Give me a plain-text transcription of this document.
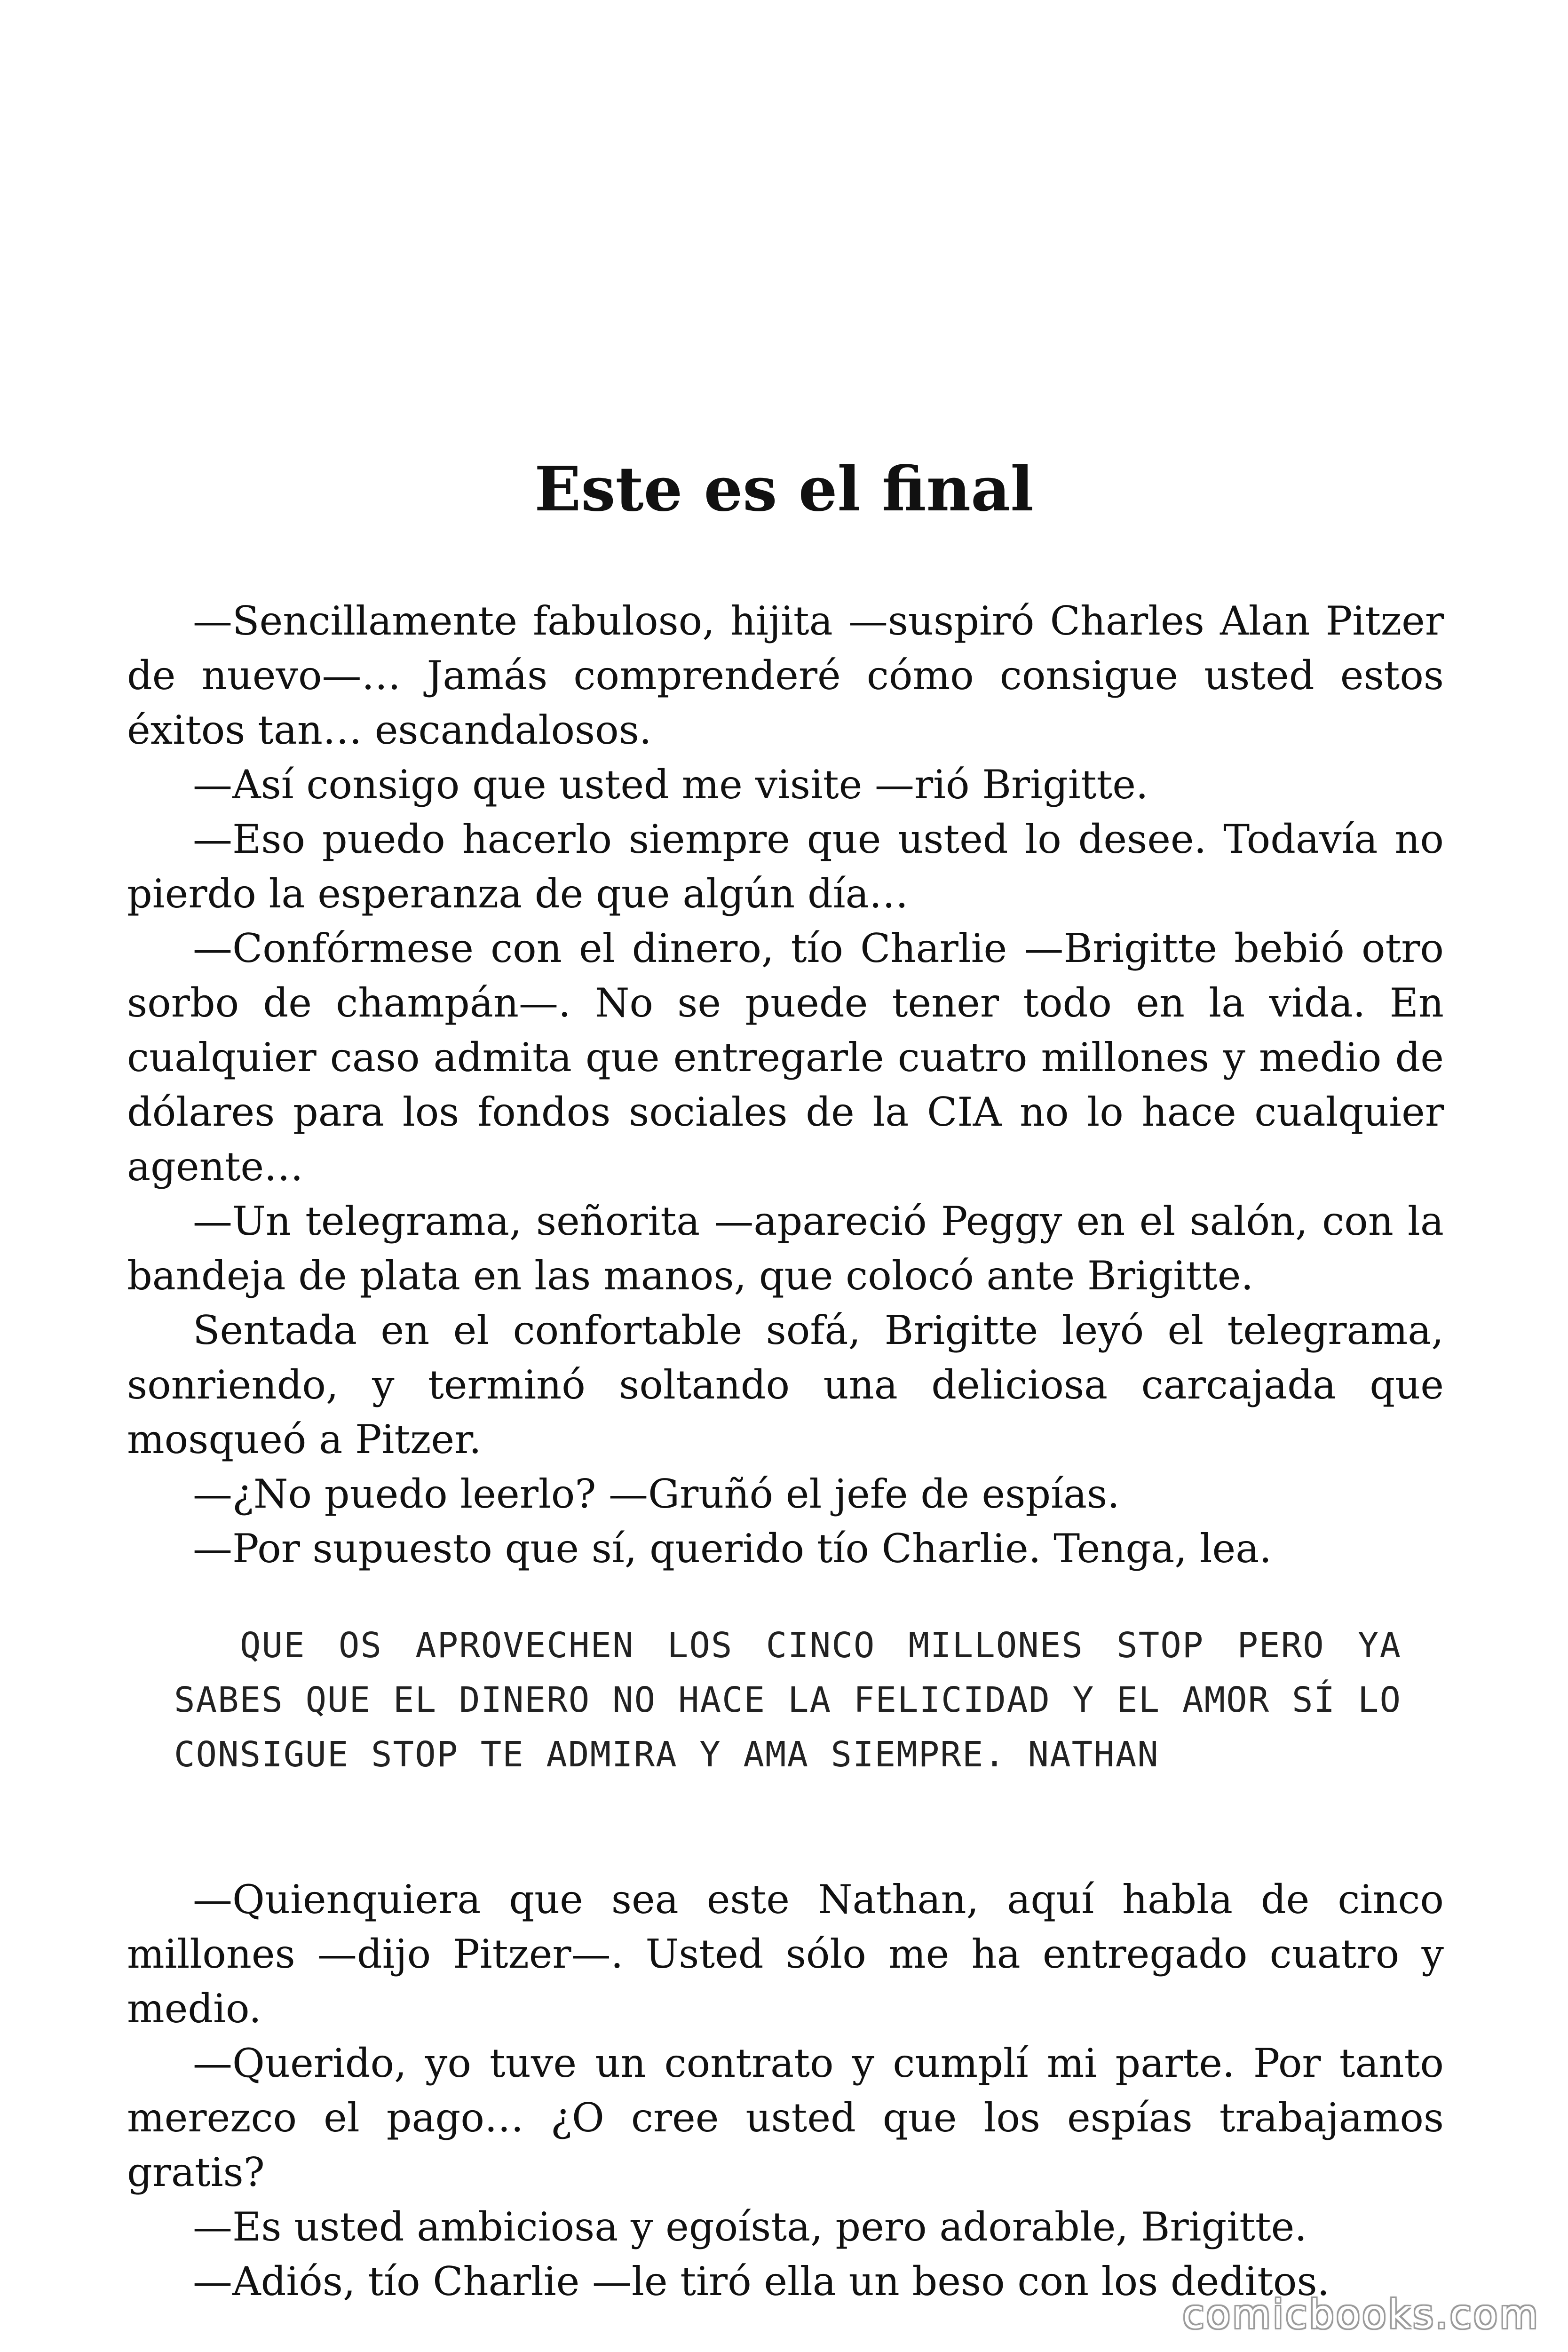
Este es el final

—Sencillamente fabuloso, hijita —suspiró Charles Alan Pitzer de nuevo—… Jamás comprenderé cómo consigue usted estos éxitos tan… escandalosos.

—Así consigo que usted me visite —rió Brigitte.

—Eso puedo hacerlo siempre que usted lo desee. Todavía no pierdo la esperanza de que algún día…

—Confórmese con el dinero, tío Charlie —Brigitte bebió otro sorbo de champán—. No se puede tener todo en la vida. En cualquier caso admita que entregarle cuatro millones y medio de dólares para los fondos sociales de la CIA no lo hace cualquier agente…

—Un telegrama, señorita —apareció Peggy en el salón, con la bandeja de plata en las manos, que colocó ante Brigitte.

Sentada en el confortable sofá, Brigitte leyó el telegrama, sonriendo, y terminó soltando una deliciosa carcajada que mosqueó a Pitzer.

—¿No puedo leerlo? —Gruñó el jefe de espías.

—Por supuesto que sí, querido tío Charlie. Tenga, lea.

QUE OS APROVECHEN LOS CINCO MILLONES STOP PERO YA SABES QUE EL DINERO NO HACE LA FELICIDAD Y EL AMOR SÍ LO CONSIGUE STOP TE ADMIRA Y AMA SIEMPRE. NATHAN

—Quienquiera que sea este Nathan, aquí habla de cinco millones —dijo Pitzer—. Usted sólo me ha entregado cuatro y medio.

—Querido, yo tuve un contrato y cumplí mi parte. Por tanto merezco el pago… ¿O cree usted que los espías trabajamos gratis?

—Es usted ambiciosa y egoísta, pero adorable, Brigitte.

—Adiós, tío Charlie —le tiró ella un beso con los deditos.

comicbooks.com
